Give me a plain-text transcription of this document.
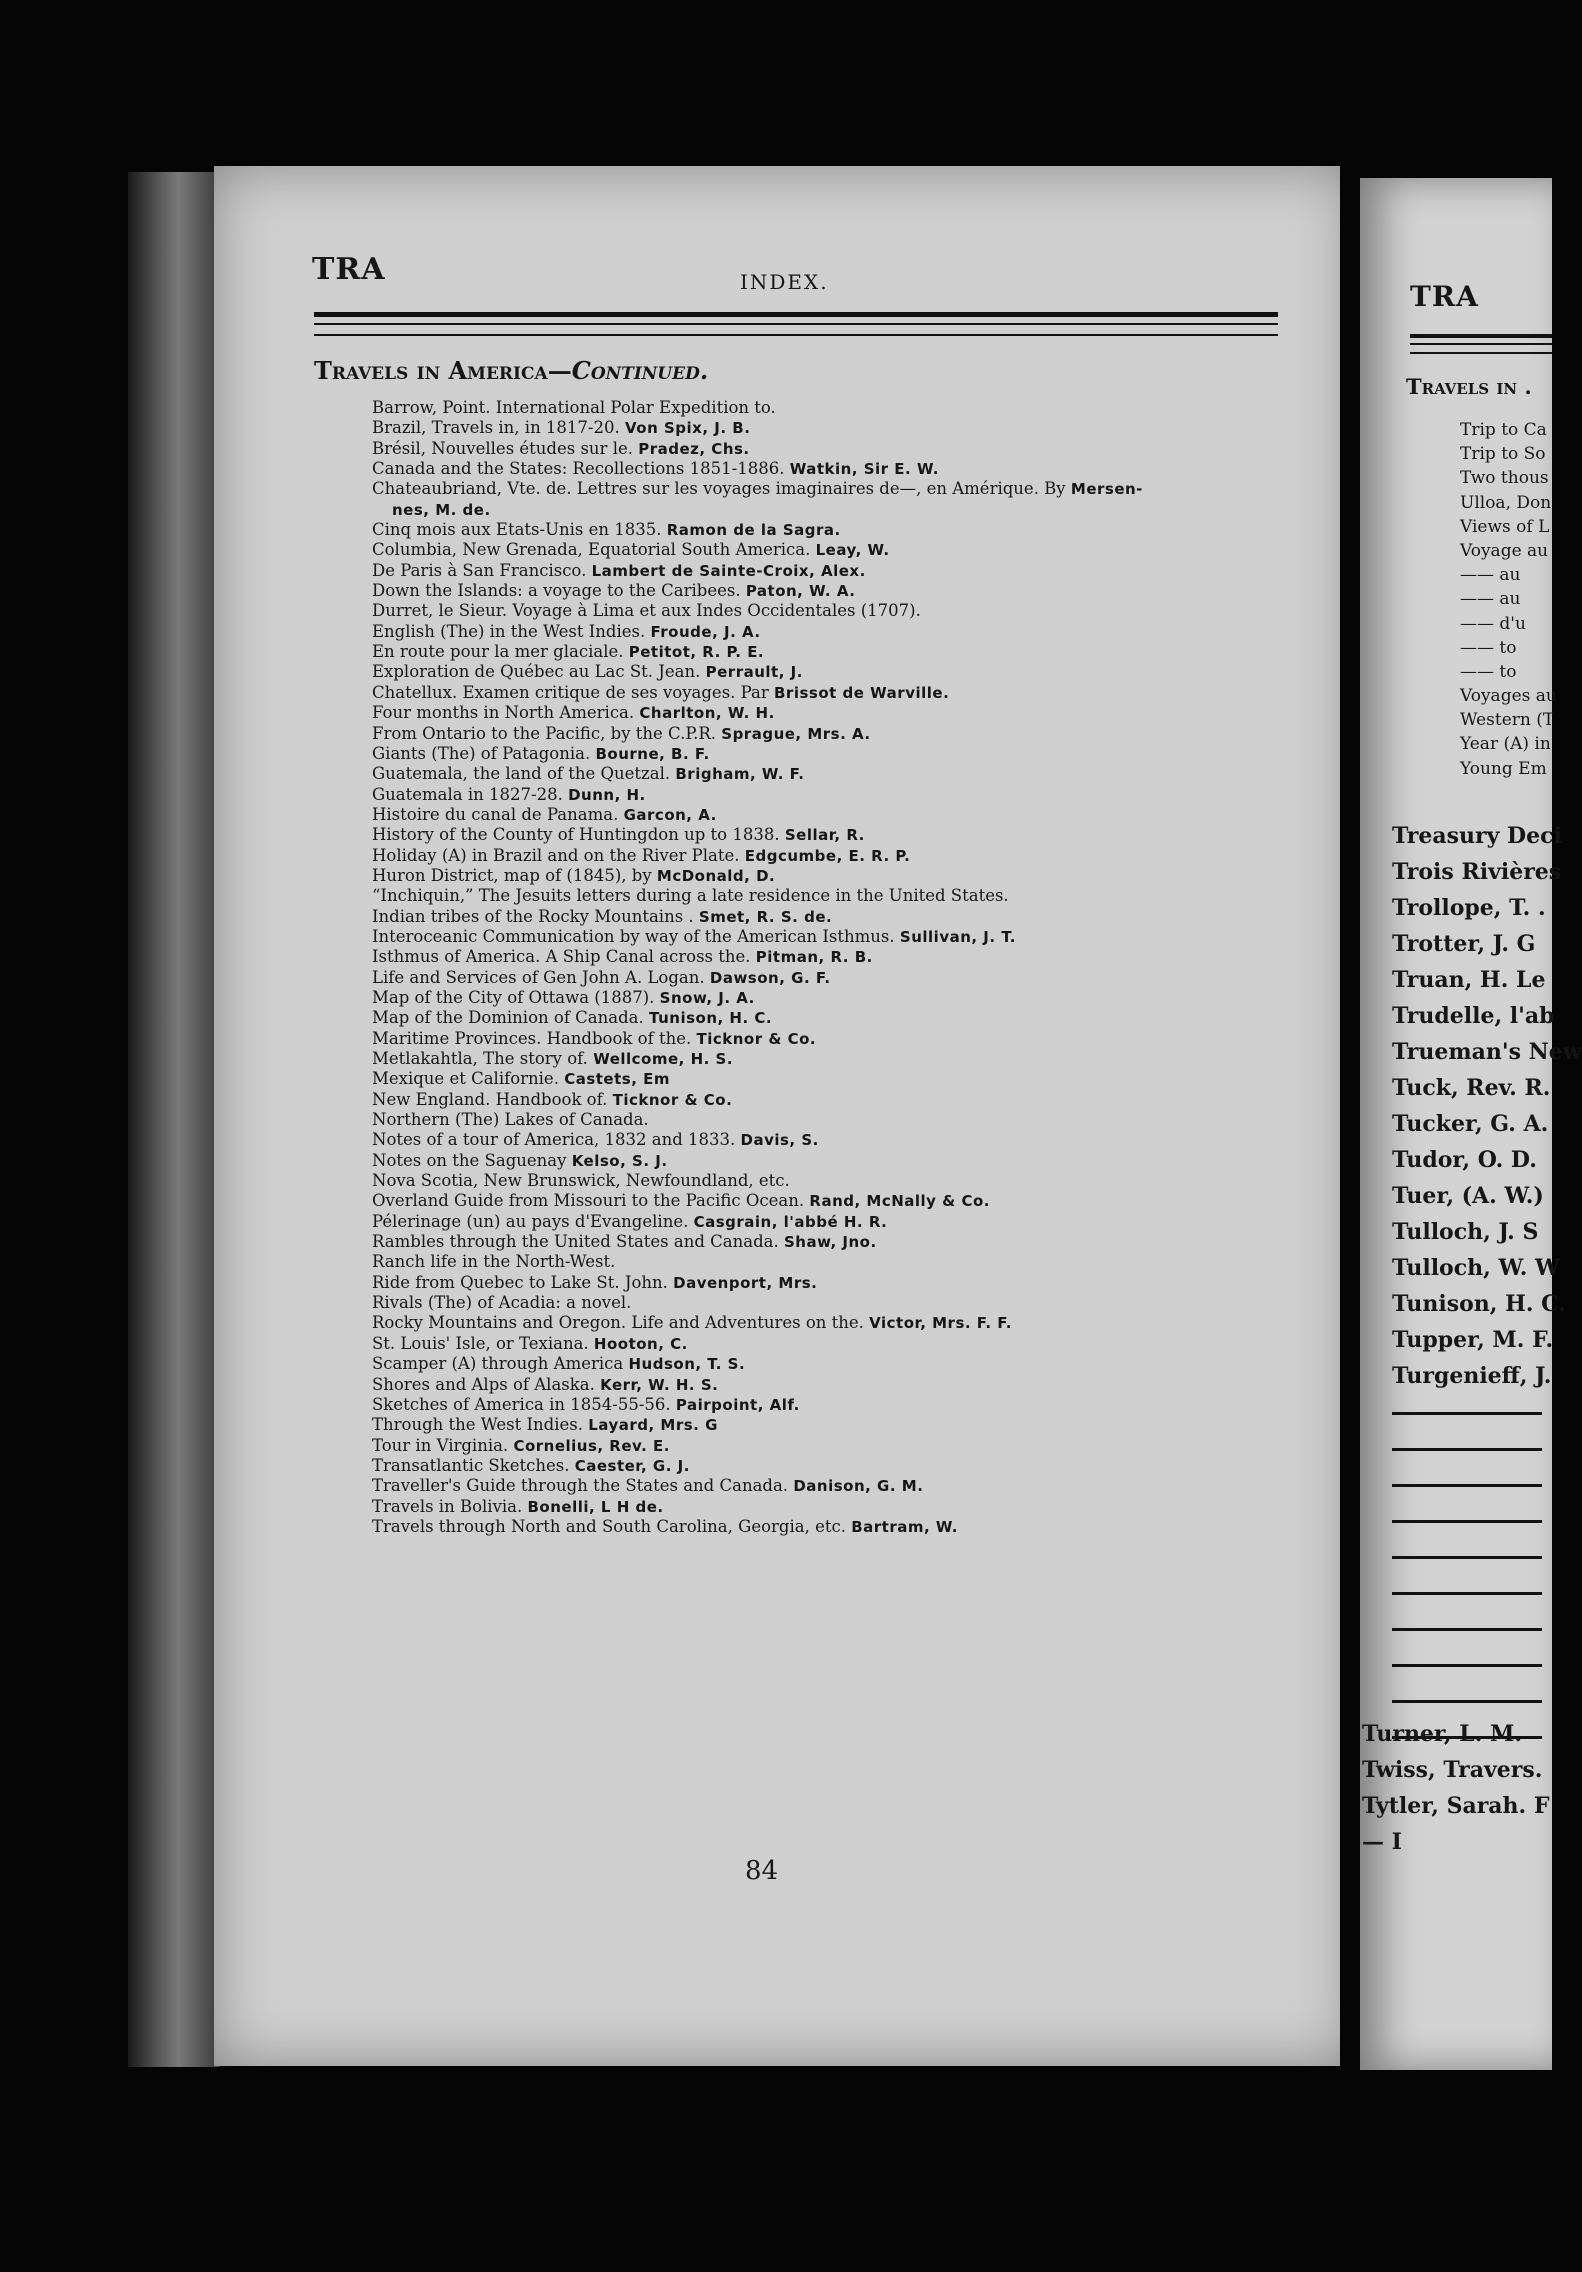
TRA	INDEX.
Travels in America—Continued.
Barrow, Point. International Polar Expedition to.
Brazil, Travels in, in 1817-20. Von Spix, J. B.
Brésil, Nouvelles études sur le. Pradez, Chs.
Canada and the States: Recollections 1851-1886. Watkin, Sir E. W.
Chateaubriand, Vte. de. Lettres sur les voyages imaginaires de—, en Amérique. By Mersen-
nes, M. de.
Cinq mois aux Etats-Unis en 1835. Ramon de la Sagra.
Columbia, New Grenada, Equatorial South America. Leay, W.
De Paris à San Francisco. Lambert de Sainte-Croix, Alex.
Down the Islands: a voyage to the Caribees. Paton, W. A.
Durret, le Sieur. Voyage à Lima et aux Indes Occidentales (1707).
English (The) in the West Indies. Froude, J. A.
En route pour la mer glaciale. Petitot, R. P. E.
Exploration de Québec au Lac St. Jean. Perrault, J.
Chatellux. Examen critique de ses voyages. Par Brissot de Warville.
Four months in North America. Charlton, W. H.
From Ontario to the Pacific, by the C.P.R. Sprague, Mrs. A.
Giants (The) of Patagonia. Bourne, B. F.
Guatemala, the land of the Quetzal. Brigham, W. F.
Guatemala in 1827-28. Dunn, H.
Histoire du canal de Panama. Garcon, A.
History of the County of Huntingdon up to 1838. Sellar, R.
Holiday (A) in Brazil and on the River Plate. Edgcumbe, E. R. P.
Huron District, map of (1845), by McDonald, D.
“Inchiquin,” The Jesuits letters during a late residence in the United States.
Indian tribes of the Rocky Mountains . Smet, R. S. de.
Interoceanic Communication by way of the American Isthmus. Sullivan, J. T.
Isthmus of America. A Ship Canal across the. Pitman, R. B.
Life and Services of Gen John A. Logan. Dawson, G. F.
Map of the City of Ottawa (1887). Snow, J. A.
Map of the Dominion of Canada. Tunison, H. C.
Maritime Provinces. Handbook of the. Ticknor & Co.
Metlakahtla, The story of. Wellcome, H. S.
Mexique et Californie. Castets, Em
New England. Handbook of. Ticknor & Co.
Northern (The) Lakes of Canada.
Notes of a tour of America, 1832 and 1833. Davis, S.
Notes on the Saguenay Kelso, S. J.
Nova Scotia, New Brunswick, Newfoundland, etc.
Overland Guide from Missouri to the Pacific Ocean. Rand, McNally & Co.
Pélerinage (un) au pays d'Evangeline. Casgrain, l'abbé H. R.
Rambles through the United States and Canada. Shaw, Jno.
Ranch life in the North-West.
Ride from Quebec to Lake St. John. Davenport, Mrs.
Rivals (The) of Acadia: a novel.
Rocky Mountains and Oregon. Life and Adventures on the. Victor, Mrs. F. F.
St. Louis' Isle, or Texiana. Hooton, C.
Scamper (A) through America Hudson, T. S.
Shores and Alps of Alaska. Kerr, W. H. S.
Sketches of America in 1854-55-56. Pairpoint, Alf.
Through the West Indies. Layard, Mrs. G
Tour in Virginia. Cornelius, Rev. E.
Transatlantic Sketches. Caester, G. J.
Traveller's Guide through the States and Canada. Danison, G. M.
Travels in Bolivia. Bonelli, L H de.
Travels through North and South Carolina, Georgia, etc. Bartram, W.
84
TRA
Travels in .
Trip to Ca
Trip to So
Two thous
Ulloa, Don
Views of L
Voyage au
—— au
—— au
—— d'u
—— to
—— to
Voyages au
Western (T
Year (A) in
Young Em
Treasury Deci
Trois Rivières
Trollope, T. .
Trotter, J. G
Truan, H. Le
Trudelle, l'ab
Trueman's New
Tuck, Rev. R.
Tucker, G. A.
Tudor, O. D.
Tuer, (A. W.)
Tulloch, J. S
Tulloch, W. W
Tunison, H. C.
Tupper, M. F.
Turgenieff, J.
Turner, L. M.
Twiss, Travers.
Tytler, Sarah. F
— I
